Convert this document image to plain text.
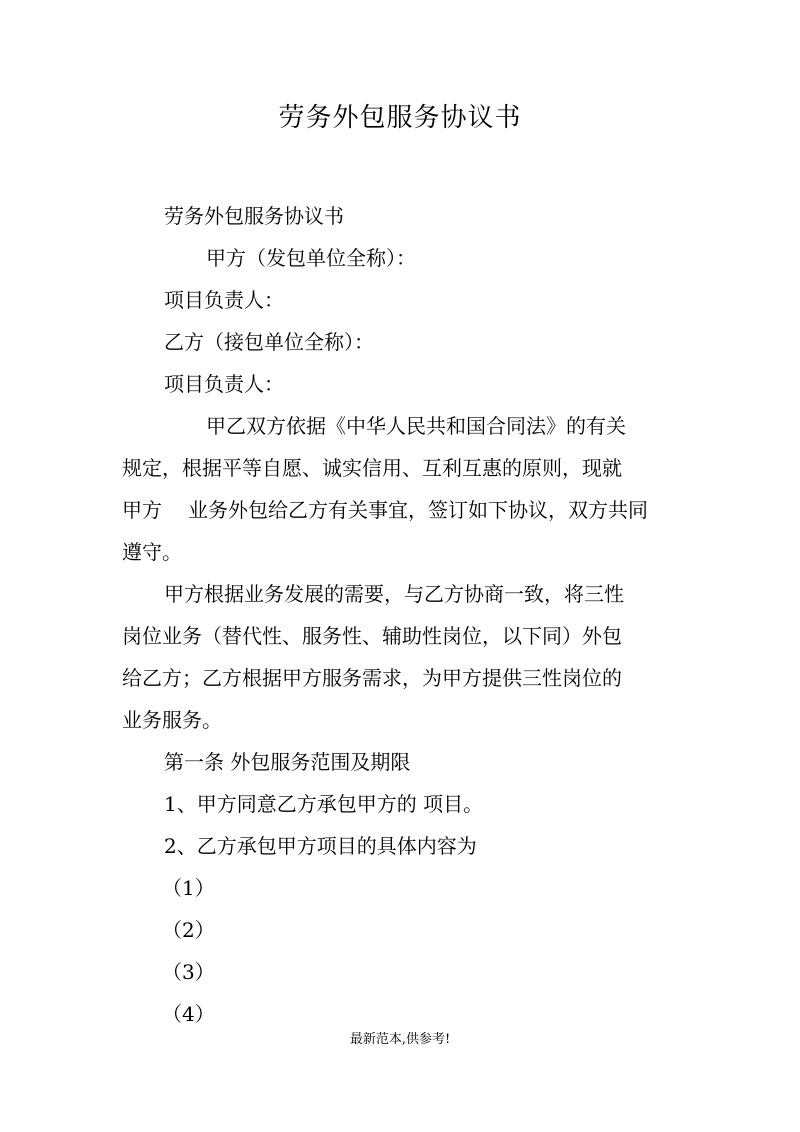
劳务外包服务协议书
劳务外包服务协议书
甲方（发包单位全称）：
项目负责人：
乙方（接包单位全称）：
项目负责人：
甲乙双方依据《中华人民共和国合同法》的有关
规定，根据平等自愿、诚实信用、互利互惠的原则，现就
甲方 业务外包给乙方有关事宜，签订如下协议，双方共同
遵守。
甲方根据业务发展的需要，与乙方协商一致，将三性
岗位业务（替代性、服务性、辅助性岗位，以下同）外包
给乙方；乙方根据甲方服务需求，为甲方提供三性岗位的
业务服务。
第一条 外包服务范围及期限
1、甲方同意乙方承包甲方的 项目。
2、乙方承包甲方项目的具体内容为
（1）
（2）
（3）
（4）
最新范本,供参考!
